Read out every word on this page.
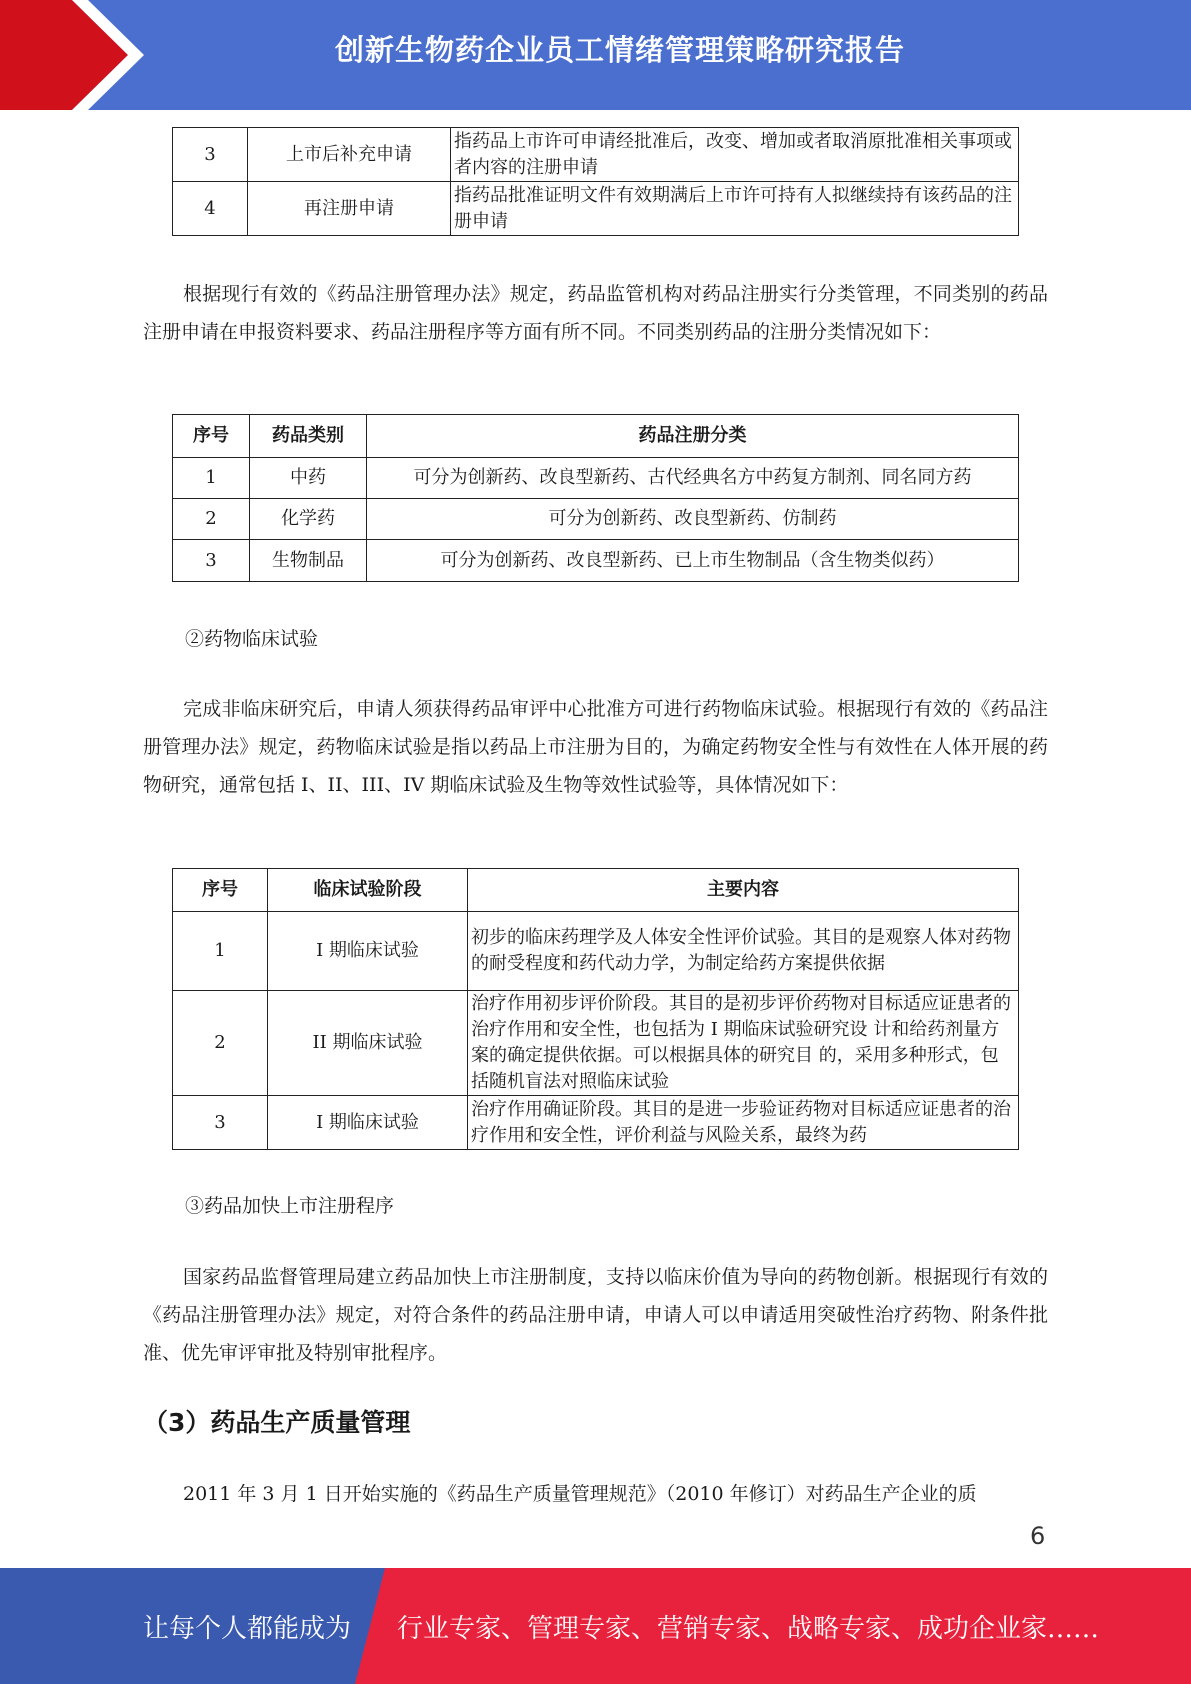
创新生物药企业员工情绪管理策略研究报告
3	上市后补充申请	指药品上市许可申请经批准后，改变、增加或者取消原批准相关事项或者内容的注册申请
4	再注册申请	指药品批准证明文件有效期满后上市许可持有人拟继续持有该药品的注册申请
根据现行有效的《药品注册管理办法》规定，药品监管机构对药品注册实行分类管理，不同类别的药品注册申请在申报资料要求、药品注册程序等方面有所不同。不同类别药品的注册分类情况如下：
序号	药品类别	药品注册分类
1	中药	可分为创新药、改良型新药、古代经典名方中药复方制剂、同名同方药
2	化学药	可分为创新药、改良型新药、仿制药
3	生物制品	可分为创新药、改良型新药、已上市生物制品（含生物类似药）
②药物临床试验
完成非临床研究后，申请人须获得药品审评中心批准方可进行药物临床试验。根据现行有效的《药品注册管理办法》规定，药物临床试验是指以药品上市注册为目的，为确定药物安全性与有效性在人体开展的药物研究，通常包括 I、II、III、IV 期临床试验及生物等效性试验等，具体情况如下：
序号	临床试验阶段	主要内容
1	I 期临床试验	初步的临床药理学及人体安全性评价试验。其目的是观察人体对药物的耐受程度和药代动力学，为制定给药方案提供依据
2	II 期临床试验	治疗作用初步评价阶段。其目的是初步评价药物对目标适应证患者的治疗作用和安全性，也包括为 I 期临床试验研究设 计和给药剂量方案的确定提供依据。可以根据具体的研究目 的，采用多种形式，包括随机盲法对照临床试验
3	I 期临床试验	治疗作用确证阶段。其目的是进一步验证药物对目标适应证患者的治疗作用和安全性，评价利益与风险关系，最终为药
③药品加快上市注册程序
国家药品监督管理局建立药品加快上市注册制度，支持以临床价值为导向的药物创新。根据现行有效的《药品注册管理办法》规定，对符合条件的药品注册申请，申请人可以申请适用突破性治疗药物、附条件批准、优先审评审批及特别审批程序。
（3）药品生产质量管理
2011 年 3 月 1 日开始实施的《药品生产质量管理规范》（2010 年修订）对药品生产企业的质
6
让每个人都能成为 行业专家、管理专家、营销专家、战略专家、成功企业家……
